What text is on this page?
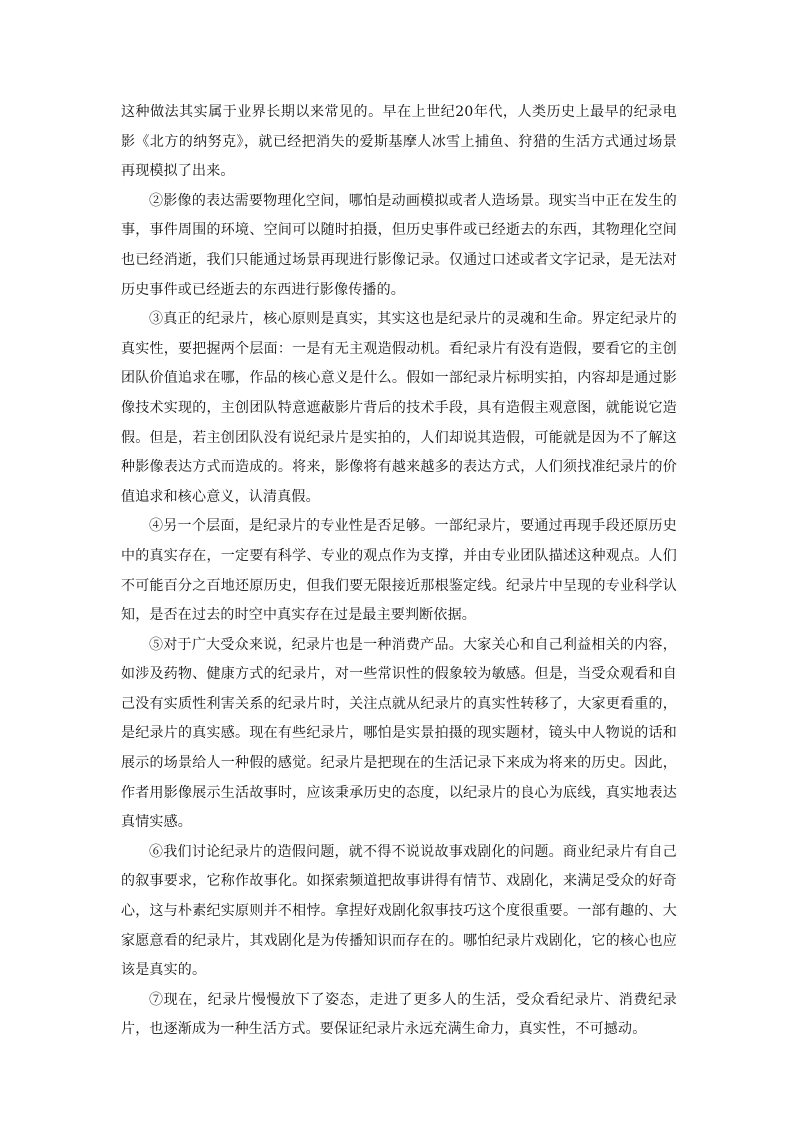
这种做法其实属于业界长期以来常见的。早在上世纪20年代，人类历史上最早的纪录电影《北方的纳努克》，就已经把消失的爱斯基摩人冰雪上捕鱼、狩猎的生活方式通过场景再现模拟了出来。

②影像的表达需要物理化空间，哪怕是动画模拟或者人造场景。现实当中正在发生的事，事件周围的环境、空间可以随时拍摄，但历史事件或已经逝去的东西，其物理化空间也已经消逝，我们只能通过场景再现进行影像记录。仅通过口述或者文字记录，是无法对历史事件或已经逝去的东西进行影像传播的。

③真正的纪录片，核心原则是真实，其实这也是纪录片的灵魂和生命。界定纪录片的真实性，要把握两个层面：一是有无主观造假动机。看纪录片有没有造假，要看它的主创团队价值追求在哪，作品的核心意义是什么。假如一部纪录片标明实拍，内容却是通过影像技术实现的，主创团队特意遮蔽影片背后的技术手段，具有造假主观意图，就能说它造假。但是，若主创团队没有说纪录片是实拍的，人们却说其造假，可能就是因为不了解这种影像表达方式而造成的。将来，影像将有越来越多的表达方式，人们须找准纪录片的价值追求和核心意义，认清真假。

④另一个层面，是纪录片的专业性是否足够。一部纪录片，要通过再现手段还原历史中的真实存在，一定要有科学、专业的观点作为支撑，并由专业团队描述这种观点。人们不可能百分之百地还原历史，但我们要无限接近那根鉴定线。纪录片中呈现的专业科学认知，是否在过去的时空中真实存在过是最主要判断依据。

⑤对于广大受众来说，纪录片也是一种消费产品。大家关心和自己利益相关的内容，如涉及药物、健康方式的纪录片，对一些常识性的假象较为敏感。但是，当受众观看和自己没有实质性利害关系的纪录片时，关注点就从纪录片的真实性转移了，大家更看重的，是纪录片的真实感。现在有些纪录片，哪怕是实景拍摄的现实题材，镜头中人物说的话和展示的场景给人一种假的感觉。纪录片是把现在的生活记录下来成为将来的历史。因此，作者用影像展示生活故事时，应该秉承历史的态度，以纪录片的良心为底线，真实地表达真情实感。

⑥我们讨论纪录片的造假问题，就不得不说说故事戏剧化的问题。商业纪录片有自己的叙事要求，它称作故事化。如探索频道把故事讲得有情节、戏剧化，来满足受众的好奇心，这与朴素纪实原则并不相悖。拿捏好戏剧化叙事技巧这个度很重要。一部有趣的、大家愿意看的纪录片，其戏剧化是为传播知识而存在的。哪怕纪录片戏剧化，它的核心也应该是真实的。

⑦现在，纪录片慢慢放下了姿态，走进了更多人的生活，受众看纪录片、消费纪录片，也逐渐成为一种生活方式。要保证纪录片永远充满生命力，真实性，不可撼动。
